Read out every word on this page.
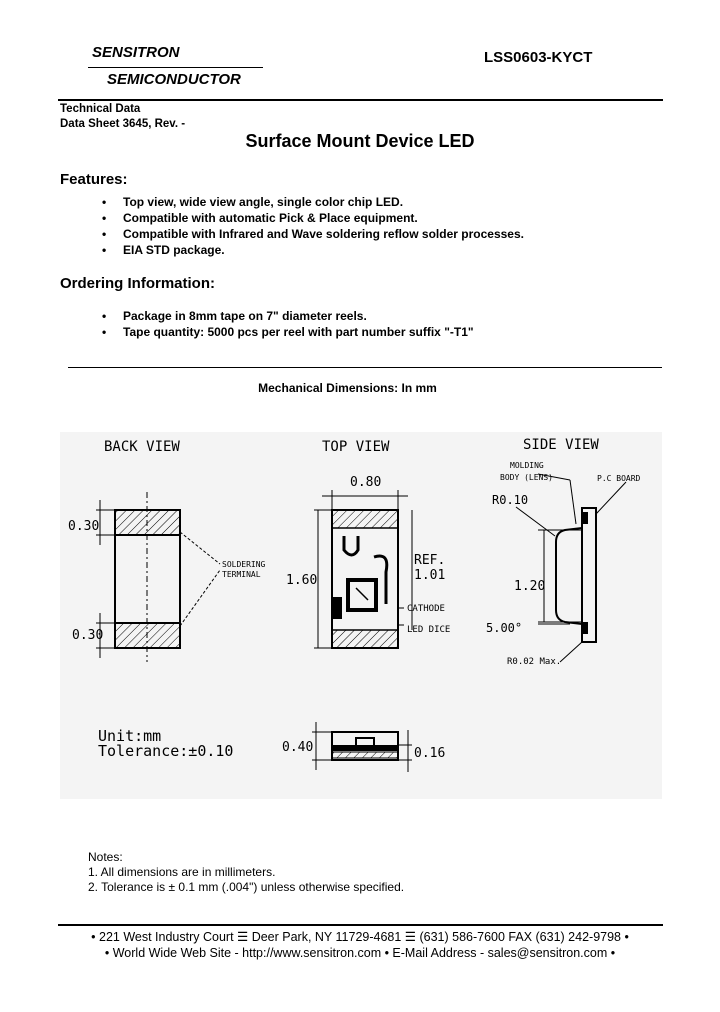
SENSITRON
SEMICONDUCTOR
LSS0603-KYCT
Technical Data
Data Sheet 3645, Rev. -
Surface Mount Device LED
Features:
• Top view, wide view angle, single color chip LED.
• Compatible with automatic Pick & Place equipment.
• Compatible with Infrared and Wave soldering reflow solder processes.
• EIA STD package.
Ordering Information:
• Package in 8mm tape on 7" diameter reels.
• Tape quantity: 5000 pcs per reel with part number suffix "-T1"
Mechanical Dimensions: In mm
BACK VIEW	TOP VIEW	SIDE VIEW
0.30
0.30
SOLDERING
TERMINAL
0.80
1.60
REF.
1.01
CATHODE
LED DICE
MOLDING
BODY (LENS)	P.C BOARD
R0.10
1.20
5.00°
R0.02 Max.
Unit:mm
Tolerance:±0.10	0.40	0.16
Notes:
1. All dimensions are in millimeters.
2. Tolerance is ± 0.1 mm (.004") unless otherwise specified.
• 221 West Industry Court ☰ Deer Park, NY 11729-4681 ☰ (631) 586-7600 FAX (631) 242-9798 •
• World Wide Web Site - http://www.sensitron.com • E-Mail Address - sales@sensitron.com •
